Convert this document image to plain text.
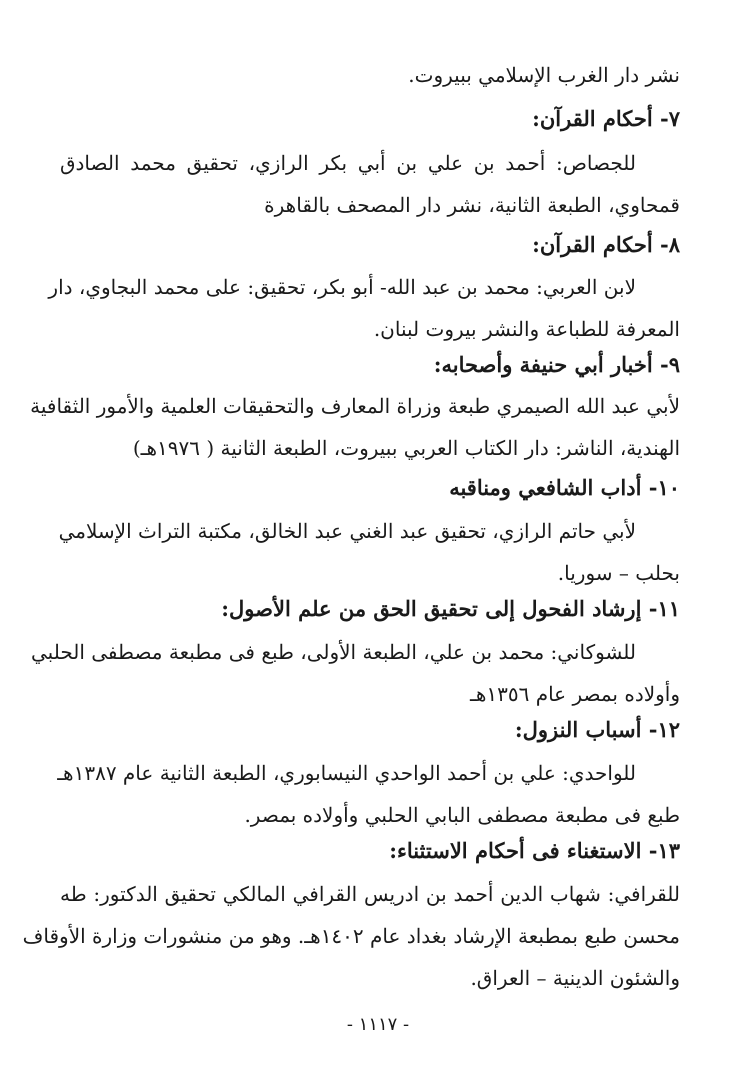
نشر دار الغرب الإسلامي ببيروت.
٧- أحكام القرآن:
للجصاص: أحمد بن علي بن أبي بكر الرازي، تحقيق محمد الصادق
قمحاوي، الطبعة الثانية، نشر دار المصحف بالقاهرة
٨- أحكام القرآن:
لابن العربي: محمد بن عبد الله- أبو بكر، تحقيق: على محمد البجاوي، دار
المعرفة للطباعة والنشر بيروت لبنان.
٩- أخبار أبي حنيفة وأصحابه:
لأبي عبد الله الصيمري طبعة وزراة المعارف والتحقيقات العلمية والأمور الثقافية
الهندية، الناشر: دار الكتاب العربي ببيروت، الطبعة الثانية ( ١٩٧٦هـ)
١٠- أداب الشافعي ومناقبه
لأبي حاتم الرازي، تحقيق عبد الغني عبد الخالق، مكتبة التراث الإسلامي
بحلب – سوريا.
١١- إرشاد الفحول إلى تحقيق الحق من علم الأصول:
للشوكاني: محمد بن علي، الطبعة الأولى، طبع فى مطبعة مصطفى الحلبي
وأولاده بمصر عام ١٣٥٦هـ
١٢- أسباب النزول:
للواحدي: علي بن أحمد الواحدي النيسابوري، الطبعة الثانية عام ١٣٨٧هـ
طبع فى مطبعة مصطفى البابي الحلبي وأولاده بمصر.
١٣- الاستغناء فى أحكام الاستثناء:
للقرافي: شهاب الدين أحمد بن ادريس القرافي المالكي تحقيق الدكتور: طه
محسن طبع بمطبعة الإرشاد بغداد عام ١٤٠٢هـ. وهو من منشورات وزارة الأوقاف
والشئون الدينية – العراق.
- ١١١٧ -
